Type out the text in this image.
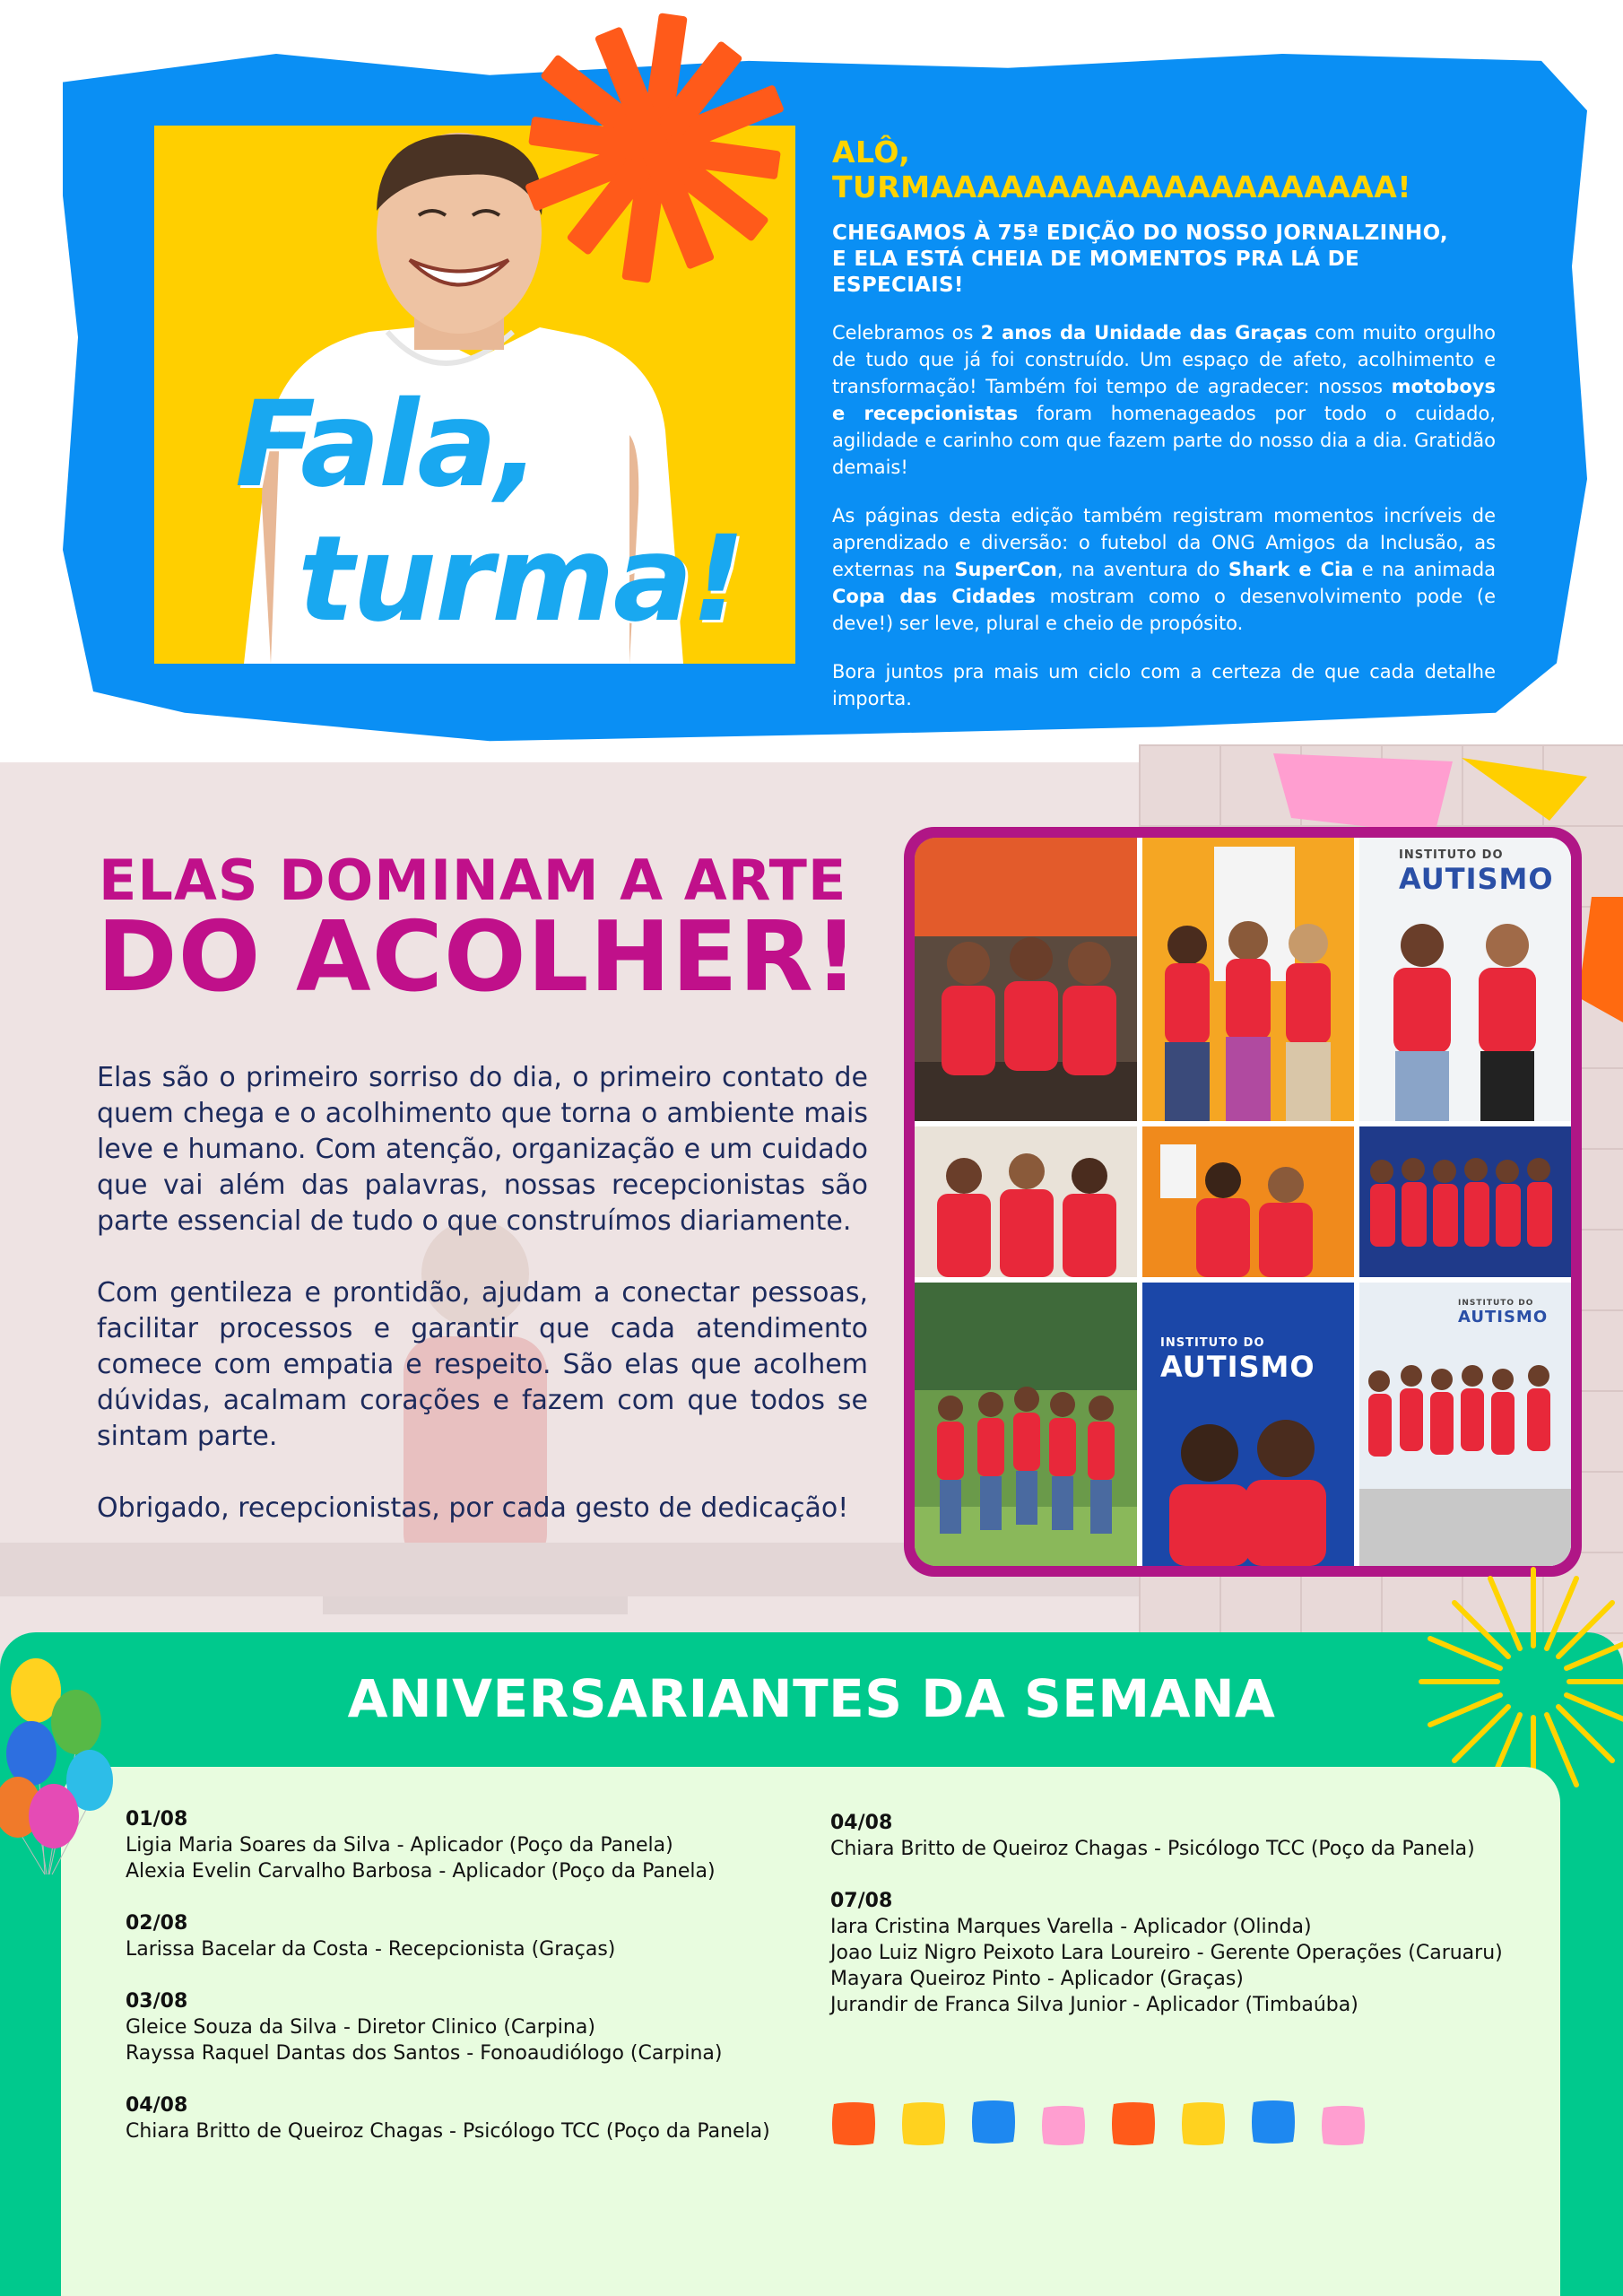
Fala,

turma!

ALÔ, TURMAAAAAAAAAAAAAAAAAAAA!
CHEGAMOS À 75ª EDIÇÃO DO NOSSO JORNALZINHO,
E ELA ESTÁ CHEIA DE MOMENTOS PRA LÁ DE ESPECIAIS!

Celebramos os 2 anos da Unidade das Graças com muito orgulho de tudo que já foi construído. Um espaço de afeto, acolhimento e transformação! Também foi tempo de agradecer: nossos motoboys e recepcionistas foram homenageados por todo o cuidado, agilidade e carinho com que fazem parte do nosso dia a dia. Gratidão demais!

As páginas desta edição também registram momentos incríveis de aprendizado e diversão: o futebol da ONG Amigos da Inclusão, as externas na SuperCon, na aventura do Shark e Cia e na animada Copa das Cidades mostram como o desenvolvimento pode (e deve!) ser leve, plural e cheio de propósito.

Bora juntos pra mais um ciclo com a certeza de que cada detalhe importa.

ELAS DOMINAM A ARTE
DO ACOLHER!

Elas são o primeiro sorriso do dia, o primeiro contato de quem chega e o acolhimento que torna o ambiente mais leve e humano. Com atenção, organização e um cuidado que vai além das palavras, nossas recepcionistas são parte essencial de tudo o que construímos diariamente.

Com gentileza e prontidão, ajudam a conectar pessoas, facilitar processos e garantir que cada atendimento comece com empatia e respeito. São elas que acolhem dúvidas, acalmam corações e fazem com que todos se sintam parte.

Obrigado, recepcionistas, por cada gesto de dedicação!

INSTITUTO DO
AUTISMO
INSTITUTO DO
AUTISMO
INSTITUTO DO
AUTISMO
ANIVERSARIANTES DA SEMANA
01/08
Ligia Maria Soares da Silva - Aplicador (Poço da Panela)
Alexia Evelin Carvalho Barbosa - Aplicador (Poço da Panela)
02/08
Larissa Bacelar da Costa - Recepcionista (Graças)
03/08
Gleice Souza da Silva - Diretor Clinico (Carpina)
Rayssa Raquel Dantas dos Santos - Fonoaudiólogo (Carpina)
04/08
Chiara Britto de Queiroz Chagas - Psicólogo TCC (Poço da Panela)
04/08
Chiara Britto de Queiroz Chagas - Psicólogo TCC (Poço da Panela)
07/08
Iara Cristina Marques Varella - Aplicador (Olinda)
Joao Luiz Nigro Peixoto Lara Loureiro - Gerente Operações (Caruaru)
Mayara Queiroz Pinto - Aplicador (Graças)
Jurandir de Franca Silva Junior - Aplicador (Timbaúba)
